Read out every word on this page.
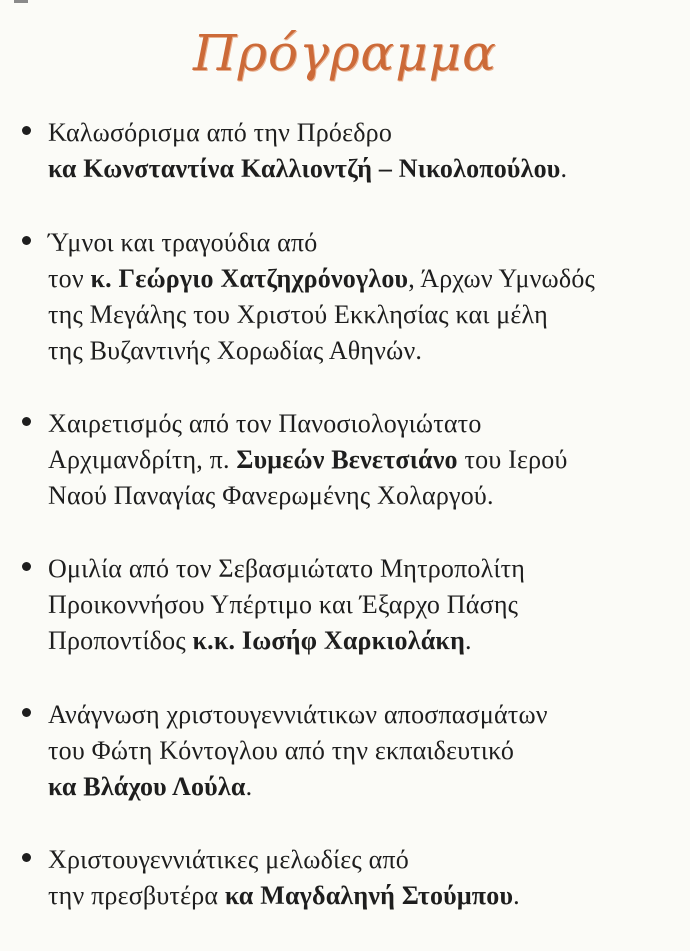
Πρόγραμμα
Καλωσόρισμα από την Πρόεδρο
κα Κωνσταντίνα Καλλιοντζή – Νικολοπούλου.
Ύμνοι και τραγούδια από
τον κ. Γεώργιο Χατζηχρόνογλου, Άρχων Υμνωδός
της Μεγάλης του Χριστού Εκκλησίας και μέλη
της Βυζαντινής Χορωδίας Αθηνών.
Χαιρετισμός από τον Πανοσιολογιώτατο
Αρχιμανδρίτη, π. Συμεών Βενετσιάνο του Ιερού
Ναού Παναγίας Φανερωμένης Χολαργού.
Ομιλία από τον Σεβασμιώτατο Μητροπολίτη
Προικοννήσου Υπέρτιμο και Έξαρχο Πάσης
Προποντίδος κ.κ. Ιωσήφ Χαρκιολάκη.
Ανάγνωση χριστουγεννιάτικων αποσπασμάτων
του Φώτη Κόντογλου από την εκπαιδευτικό
κα Βλάχου Λούλα.
Χριστουγεννιάτικες μελωδίες από
την πρεσβυτέρα κα Μαγδαληνή Στούμπου.
